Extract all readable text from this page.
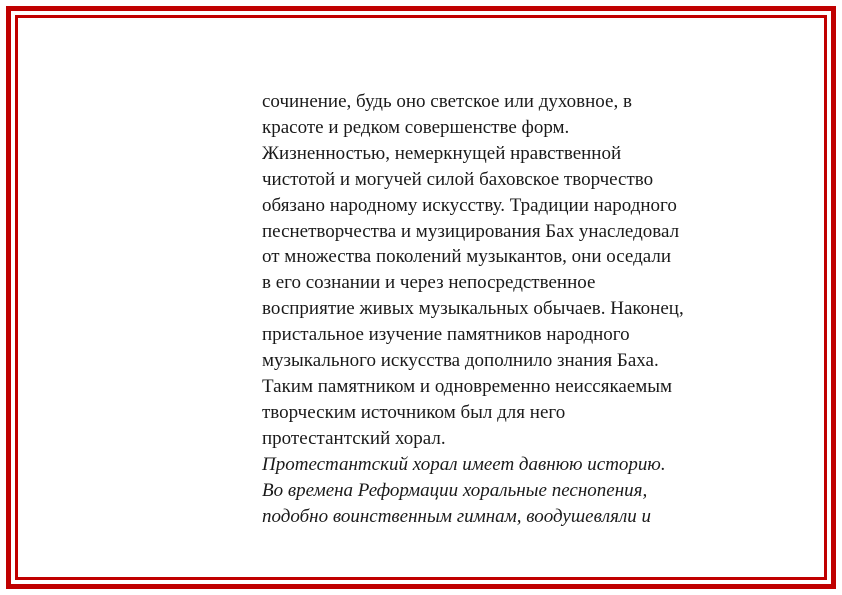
сочинение, будь оно светское или духовное, в

красоте и редком совершенстве форм.

Жизненностью, немеркнущей нравственной

чистотой и могучей силой баховское творчество

обязано народному искусству. Традиции народного

песнетворчества и музицирования Бах унаследовал

от множества поколений музыкантов, они оседали

в его сознании и через непосредственное

восприятие живых музыкальных обычаев. Наконец,

пристальное изучение памятников народного

музыкального искусства дополнило знания Баха.

Таким памятником и одновременно неиссякаемым

творческим источником был для него

протестантский хорал.

Протестантский хорал имеет давнюю историю.

Во времена Реформации хоральные песнопения,

подобно воинственным гимнам, воодушевляли и
